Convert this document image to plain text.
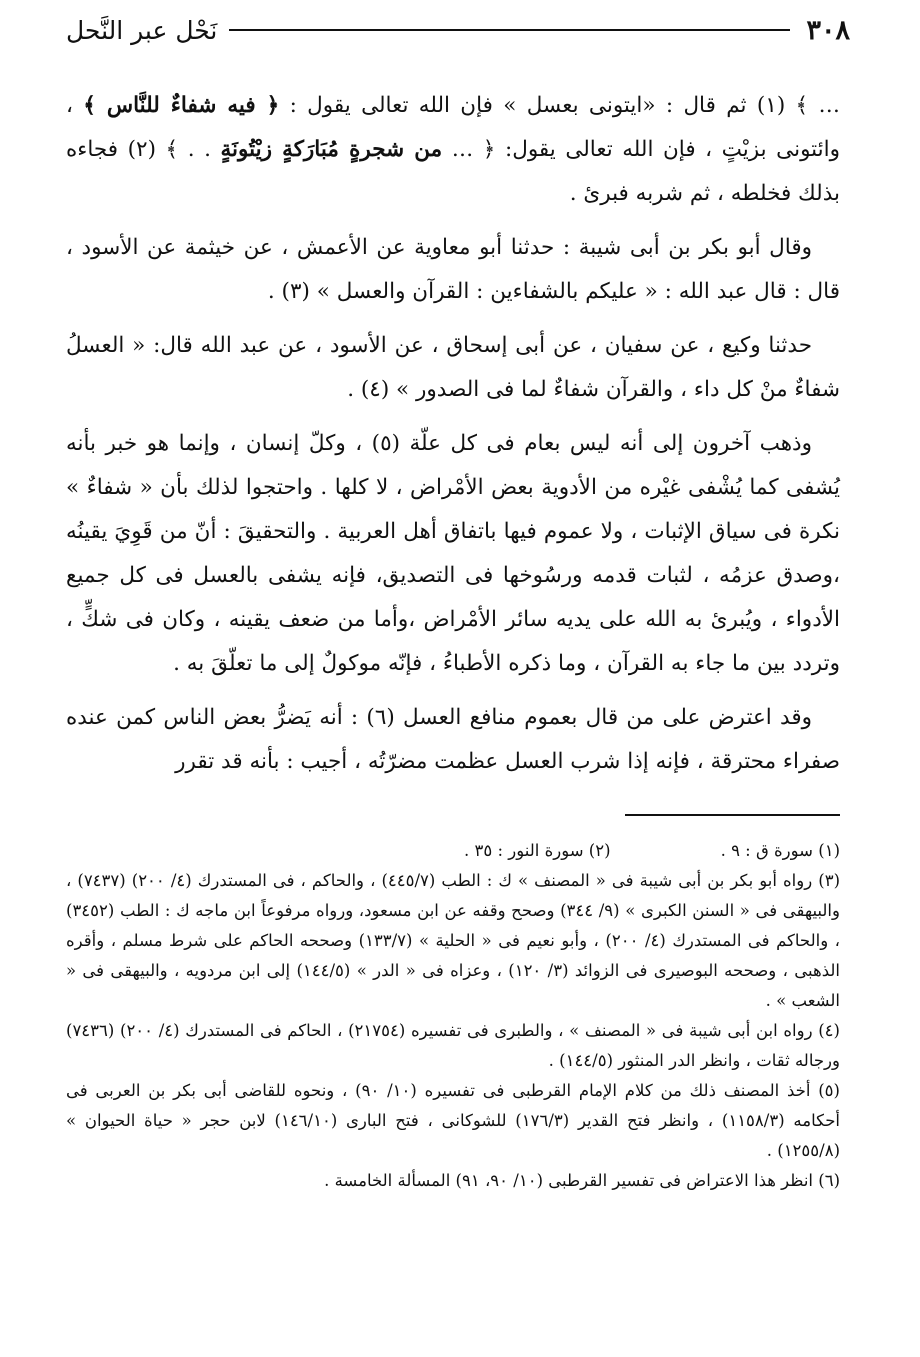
٣٠٨
نَحْل عبر النَّحل

… ﴾ (١) ثم قال : «ايتونى بعسل » فإن الله تعالى يقول : ﴿ فيه شفاءٌ للنَّاس ﴾ ، وائتونى بزيْتٍ ، فإن الله تعالى يقول: ﴿ … من شجرةٍ مُبَارَكةٍ زيْتُونَةٍ . . ﴾ (٢) فجاءه بذلك فخلطه ، ثم شربه فبرئ .

وقال أبو بكر بن أبى شيبة : حدثنا أبو معاوية عن الأعمش ، عن خيثمة عن الأسود ، قال : قال عبد الله : « عليكم بالشفاءين : القرآن والعسل » (٣) .

حدثنا وكيع ، عن سفيان ، عن أبى إسحاق ، عن الأسود ، عن عبد الله قال: « العسلُ شفاءٌ منْ كل داء ، والقرآن شفاءٌ لما فى الصدور » (٤) .

وذهب آخرون إلى أنه ليس بعام فى كل علّة (٥) ، وكلّ إنسان ، وإنما هو خبر بأنه يُشفى كما يُشْفى غيْره من الأدوية بعض الأمْراض ، لا كلها . واحتجوا لذلك بأن « شفاءٌ » نكرة فى سياق الإثبات ، ولا عموم فيها باتفاق أهل العربية . والتحقيقَ : أنّ من قَوِيَ يقينُه ،وصدق عزمُه ، لثبات قدمه ورسُوخها فى التصديق، فإنه يشفى بالعسل فى كل جميع الأدواء ، ويُبرئ به الله على يديه سائر الأمْراض ،وأما من ضعف يقينه ، وكان فى شكٍّ ، وتردد بين ما جاء به القرآن ، وما ذكره الأطباءُ ، فإنّه موكولٌ إلى ما تعلّقَ به .

وقد اعترض على من قال بعموم منافع العسل (٦) : أنه يَضرُّ بعض الناس كمن عنده صفراء محترقة ، فإنه إذا شرب العسل عظمت مضرّتُه ، أجيب : بأنه قد تقرر

(١) سورة ق : ٩ .
(٢) سورة النور : ٣٥ .

(٣) رواه أبو بكر بن أبى شيبة فى « المصنف » ك : الطب (٤٤٥/٧) ، والحاكم ، فى المستدرك (٤/ ٢٠٠) (٧٤٣٧) ، والبيهقى فى « السنن الكبرى » (٩/ ٣٤٤) وصحح وقفه عن ابن مسعود، ورواه مرفوعاً ابن ماجه ك : الطب (٣٤٥٢) ، والحاكم فى المستدرك (٤/ ٢٠٠) ، وأبو نعيم فى « الحلية » (١٣٣/٧) وصححه الحاكم على شرط مسلم ، وأقره الذهبى ، وصححه البوصيرى فى الزوائد (٣/ ١٢٠) ، وعزاه فى « الدر » (١٤٤/٥) إلى ابن مردويه ، والبيهقى فى « الشعب » .

(٤) رواه ابن أبى شيبة فى « المصنف » ، والطبرى فى تفسيره (٢١٧٥٤) ، الحاكم فى المستدرك (٤/ ٢٠٠) (٧٤٣٦) ورجاله ثقات ، وانظر الدر المنثور (١٤٤/٥) .

(٥) أخذ المصنف ذلك من كلام الإمام القرطبى فى تفسيره (١٠/ ٩٠) ، ونحوه للقاضى أبى بكر بن العربى فى أحكامه (١١٥٨/٣) ، وانظر فتح القدير (١٧٦/٣) للشوكانى ، فتح البارى (١٤٦/١٠) لابن حجر « حياة الحيوان » (١٢٥٥/٨) .

(٦) انظر هذا الاعتراض فى تفسير القرطبى (١٠/ ٩٠، ٩١) المسألة الخامسة .
